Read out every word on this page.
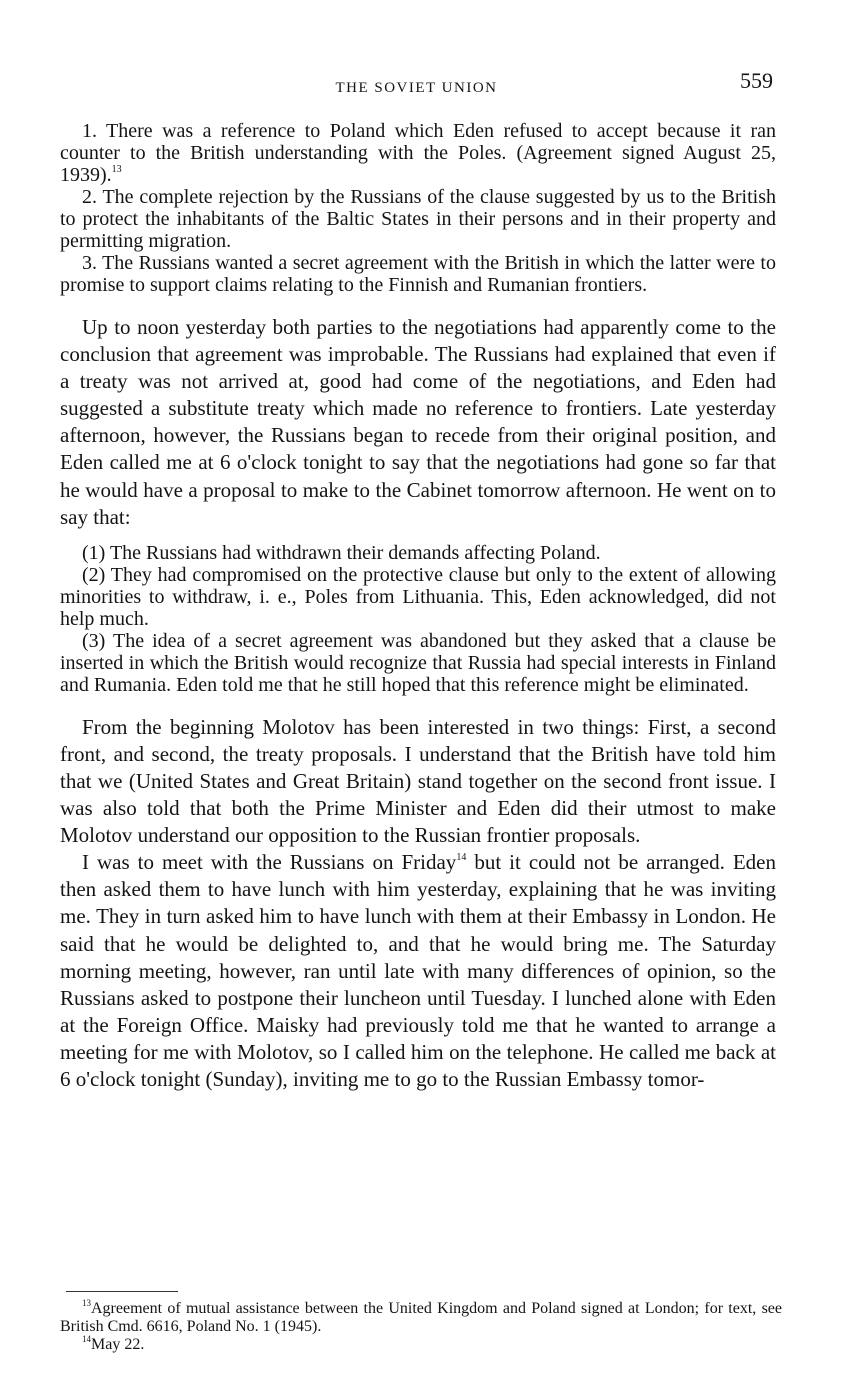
THE SOVIET UNION	559

1. There was a reference to Poland which Eden refused to accept because it ran counter to the British understanding with the Poles. (Agreement signed August 25, 1939).$^{13}$

2. The complete rejection by the Russians of the clause suggested by us to the British to protect the inhabitants of the Baltic States in their persons and in their property and permitting migration.

3. The Russians wanted a secret agreement with the British in which the latter were to promise to support claims relating to the Finnish and Rumanian frontiers.

Up to noon yesterday both parties to the negotiations had apparently come to the conclusion that agreement was improbable. The Russians had explained that even if a treaty was not arrived at, good had come of the negotiations, and Eden had suggested a substitute treaty which made no reference to frontiers. Late yesterday afternoon, however, the Russians began to recede from their original position, and Eden called me at 6 o'clock tonight to say that the negotiations had gone so far that he would have a proposal to make to the Cabinet tomorrow afternoon. He went on to say that:

(1) The Russians had withdrawn their demands affecting Poland.

(2) They had compromised on the protective clause but only to the extent of allowing minorities to withdraw, i. e., Poles from Lithuania. This, Eden acknowledged, did not help much.

(3) The idea of a secret agreement was abandoned but they asked that a clause be inserted in which the British would recognize that Russia had special interests in Finland and Rumania. Eden told me that he still hoped that this reference might be eliminated.

From the beginning Molotov has been interested in two things: First, a second front, and second, the treaty proposals. I understand that the British have told him that we (United States and Great Britain) stand together on the second front issue. I was also told that both the Prime Minister and Eden did their utmost to make Molotov understand our opposition to the Russian frontier proposals.

I was to meet with the Russians on Friday$^{14}$ but it could not be arranged. Eden then asked them to have lunch with him yesterday, explaining that he was inviting me. They in turn asked him to have lunch with them at their Embassy in London. He said that he would be delighted to, and that he would bring me. The Saturday morning meeting, however, ran until late with many differences of opinion, so the Russians asked to postpone their luncheon until Tuesday. I lunched alone with Eden at the Foreign Office. Maisky had previously told me that he wanted to arrange a meeting for me with Molotov, so I called him on the telephone. He called me back at 6 o'clock tonight (Sunday), inviting me to go to the Russian Embassy tomor-

$^{13}$Agreement of mutual assistance between the United Kingdom and Poland signed at London; for text, see British Cmd. 6616, Poland No. 1 (1945).

$^{14}$May 22.
